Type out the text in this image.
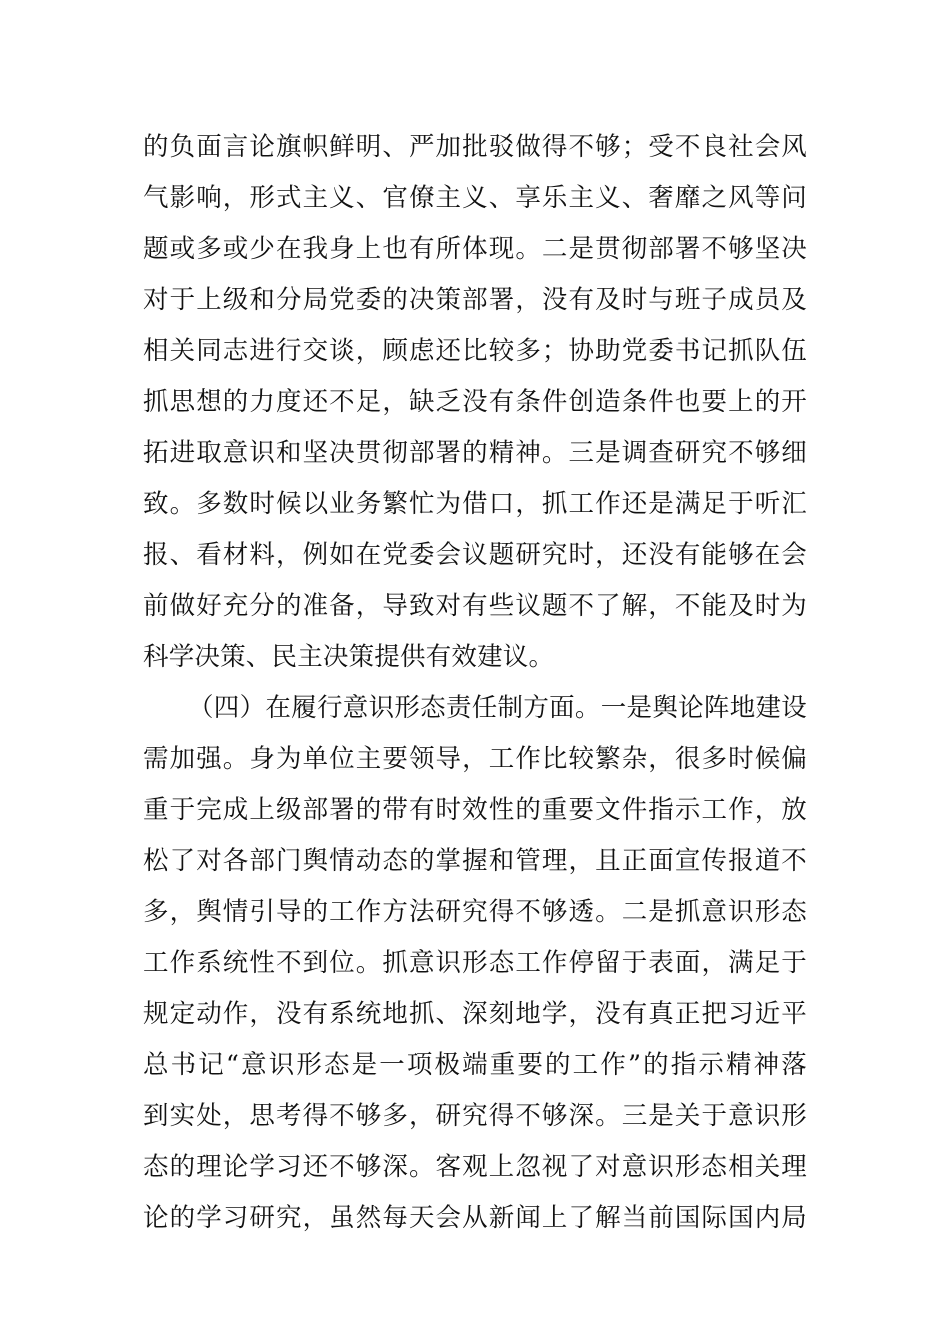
的负面言论旗帜鲜明、严加批驳做得不够；受不良社会风
气影响，形式主义、官僚主义、享乐主义、奢靡之风等问
题或多或少在我身上也有所体现。二是贯彻部署不够坚决
对于上级和分局党委的决策部署，没有及时与班子成员及
相关同志进行交谈，顾虑还比较多；协助党委书记抓队伍
抓思想的力度还不足，缺乏没有条件创造条件也要上的开
拓进取意识和坚决贯彻部署的精神。三是调查研究不够细
致。多数时候以业务繁忙为借口，抓工作还是满足于听汇
报、看材料，例如在党委会议题研究时，还没有能够在会
前做好充分的准备，导致对有些议题不了解，不能及时为
科学决策、民主决策提供有效建议。
（四）在履行意识形态责任制方面。一是舆论阵地建设
需加强。身为单位主要领导，工作比较繁杂，很多时候偏
重于完成上级部署的带有时效性的重要文件指示工作，放
松了对各部门舆情动态的掌握和管理，且正面宣传报道不
多，舆情引导的工作方法研究得不够透。二是抓意识形态
工作系统性不到位。抓意识形态工作停留于表面，满足于
规定动作，没有系统地抓、深刻地学，没有真正把习近平
总书记“意识形态是一项极端重要的工作”的指示精神落
到实处，思考得不够多，研究得不够深。三是关于意识形
态的理论学习还不够深。客观上忽视了对意识形态相关理
论的学习研究，虽然每天会从新闻上了解当前国际国内局
